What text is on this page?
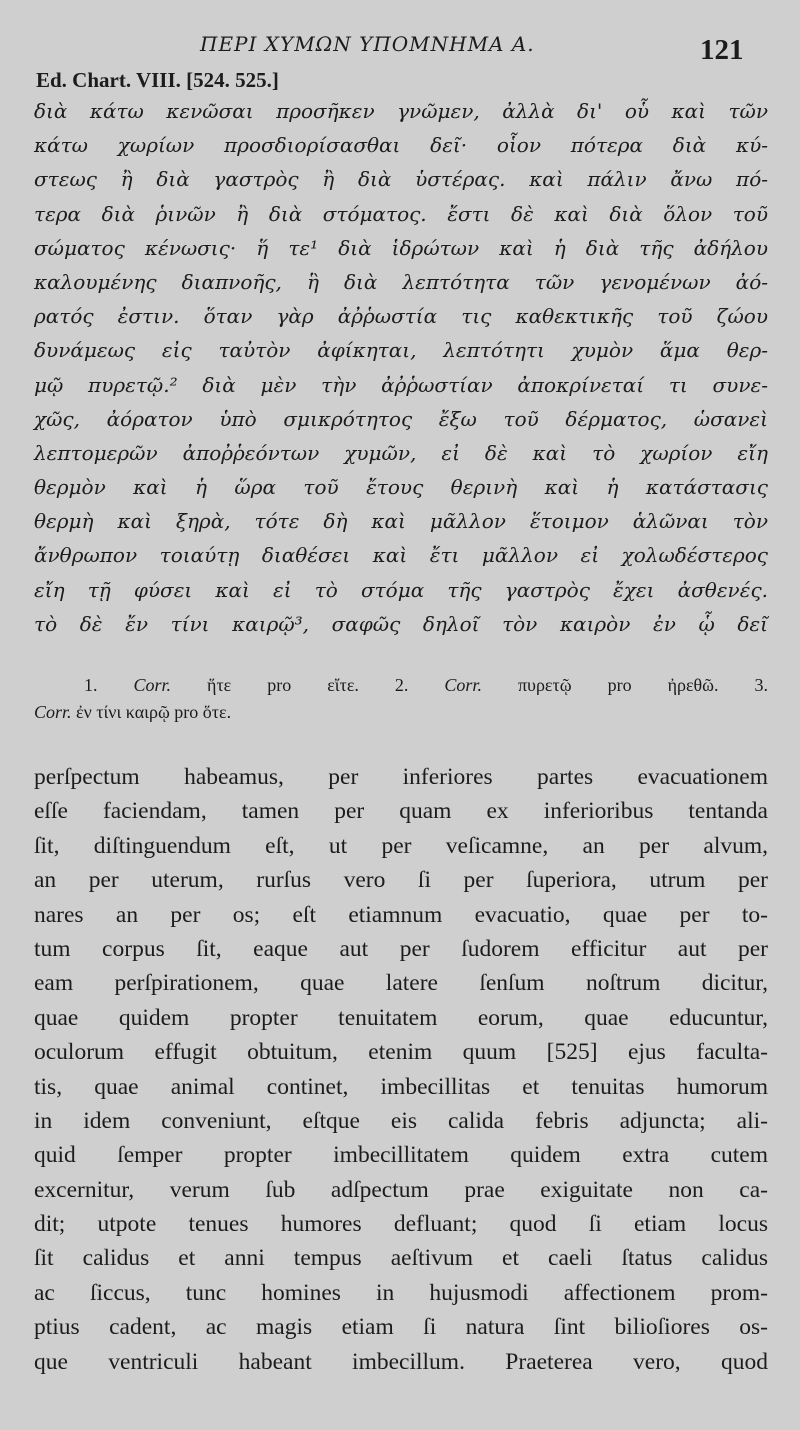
ΠΕΡΙ ΧΥΜΩΝ ΥΠΟΜΝΗΜΑ Α.	121
Ed. Chart. VIII. [524. 525.]
διὰ κάτω κενῶσαι προσῆκεν γνῶμεν, ἀλλὰ δι' οὗ καὶ τῶν
κάτω χωρίων προσδιορίσασθαι δεῖ· οἷον πότερα διὰ κύ-
στεως ἢ διὰ γαστρὸς ἢ διὰ ὑστέρας. καὶ πάλιν ἄνω πό-
τερα διὰ ῥινῶν ἢ διὰ στόματος. ἔστι δὲ καὶ διὰ ὅλον τοῦ
σώματος κένωσις· ἥ τε¹ διὰ ἱδρώτων καὶ ἡ διὰ τῆς ἀδήλου
καλουμένης διαπνοῆς, ἣ διὰ λεπτότητα τῶν γενομένων ἀό-
ρατός ἐστιν. ὅταν γὰρ ἀῤῥωστία τις καθεκτικῆς τοῦ ζώου
δυνάμεως εἰς ταὐτὸν ἀφίκηται, λεπτότητι χυμὸν ἅμα θερ-
μῷ πυρετῷ.² διὰ μὲν τὴν ἀῤῥωστίαν ἀποκρίνεταί τι συνε-
χῶς, ἀόρατον ὑπὸ σμικρότητος ἔξω τοῦ δέρματος, ὡσανεὶ
λεπτομερῶν ἀποῤῥεόντων χυμῶν, εἰ δὲ καὶ τὸ χωρίον εἴη
θερμὸν καὶ ἡ ὥρα τοῦ ἔτους θερινὴ καὶ ἡ κατάστασις
θερμὴ καὶ ξηρὰ, τότε δὴ καὶ μᾶλλον ἕτοιμον ἁλῶναι τὸν
ἄνθρωπον τοιαύτῃ διαθέσει καὶ ἔτι μᾶλλον εἰ χολωδέστερος
εἴη τῇ φύσει καὶ εἰ τὸ στόμα τῆς γαστρὸς ἔχει ἀσθενές.
τὸ δὲ ἔν τίνι καιρῷ³, σαφῶς δηλοῖ τὸν καιρὸν ἐν ᾧ δεῖ
1. Corr. ἥτε pro εἴτε. 2. Corr. πυρετῷ pro ἠρεθῶ. 3.
Corr. ἐν τίνι καιρῷ pro ὅτε.
perſpectum habeamus, per inferiores partes evacuationem
eſſe faciendam, tamen per quam ex inferioribus tentanda
ſit, diſtinguendum eſt, ut per veſicamne, an per alvum,
an per uterum, rurſus vero ſi per ſuperiora, utrum per
nares an per os; eſt etiamnum evacuatio, quae per to-
tum corpus ſit, eaque aut per ſudorem efficitur aut per
eam perſpirationem, quae latere ſenſum noſtrum dicitur,
quae quidem propter tenuitatem eorum, quae educuntur,
oculorum effugit obtuitum, etenim quum [525] ejus faculta-
tis, quae animal continet, imbecillitas et tenuitas humorum
in idem conveniunt, eſtque eis calida febris adjuncta; ali-
quid ſemper propter imbecillitatem quidem extra cutem
excernitur, verum ſub adſpectum prae exiguitate non ca-
dit; utpote tenues humores defluant; quod ſi etiam locus
ſit calidus et anni tempus aeſtivum et caeli ſtatus calidus
ac ſiccus, tunc homines in hujusmodi affectionem prom-
ptius cadent, ac magis etiam ſi natura ſint bilioſiores os-
que ventriculi habeant imbecillum. Praeterea vero, quod
